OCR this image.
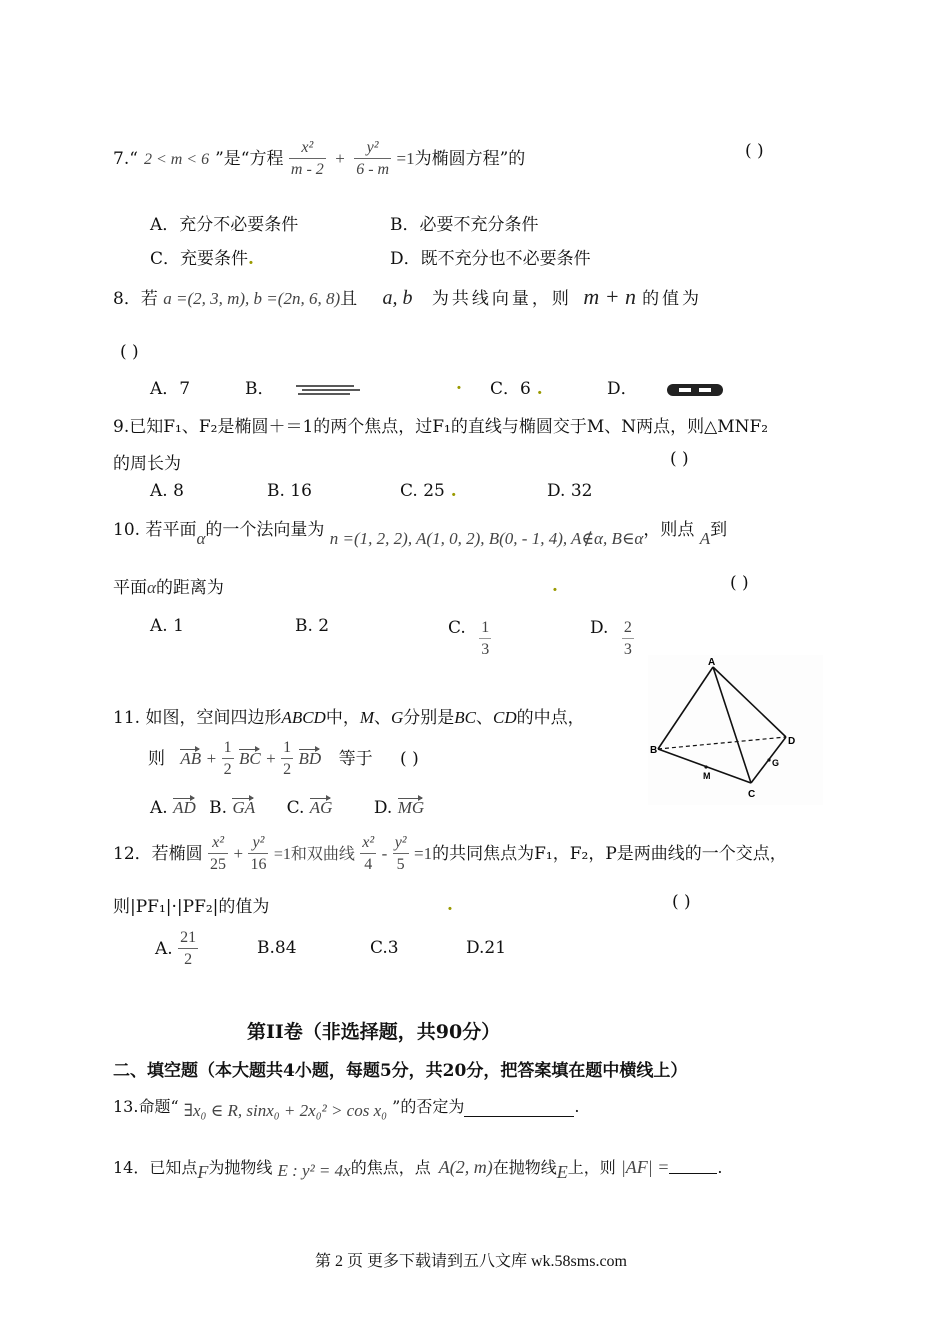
7.“ 2 < m < 6 ”是“方程 $\frac{\text{x²}}{m - 2} + \frac{\text{y²}}{6 - m} =1$为椭圆方程”的	( )
A．充分不必要条件	B．必要不充分条件
C．充要条件.	D．既不充分也不必要条件
8．若 a =(2, 3, m), b =(2n, 6, 8)且 a, b 为共线向量，则 m + n 的值为
( )
A．7	B．	. C．6 .	D．
9.已知F₁、F₂是椭圆＋＝1的两个焦点，过F₁的直线与椭圆交于M、N两点，则△MNF₂
的周长为	( )
A. 8	B. 16	C. 25 .	D. 32
10. 若平面α的一个法向量为 n =(1, 2, 2), A(1, 0, 2), B(0, - 1, 4), A∉α, B∈α，则点 A到
平面α的距离为	.	( )
A. 1	B. 2	C. $\frac{1}{3}$	D. $\frac{2}{3}$
11. 如图，空间四边形ABCD中，M、G分别是BC、CD的中点，
则 AB + $\frac{1}{2}$ BC + $\frac{1}{2}$ BD 等于 ( )
A. AD B. GA C. AG D. MG
A
B
C
D
M
G
12．若椭圆 $\frac{\text{x²}}{25} + \frac{\text{y²}}{16} =1$和双曲线 $\frac{\text{x²}}{4} - \frac{\text{y²}}{5} =1$的共同焦点为F₁，F₂，P是两曲线的一个交点，
则|PF₁|·|PF₂|的值为	.	( )
A. $\frac{21}{2}$	B.84	C.3	D.21
第II卷（非选择题，共90分）
二、填空题（本大题共4小题，每题5分，共20分，把答案填在题中横线上）
13.命题“ ∃x₀ ∈ R, sinx₀ + 2x₀² > cos x₀ ”的否定为	.
14．已知点F为抛物线 E : y² = 4x的焦点，点 A(2, m)在抛物线E上，则 |AF| =	.
第 2 页 更多下载请到五八文库 wk.58sms.com
